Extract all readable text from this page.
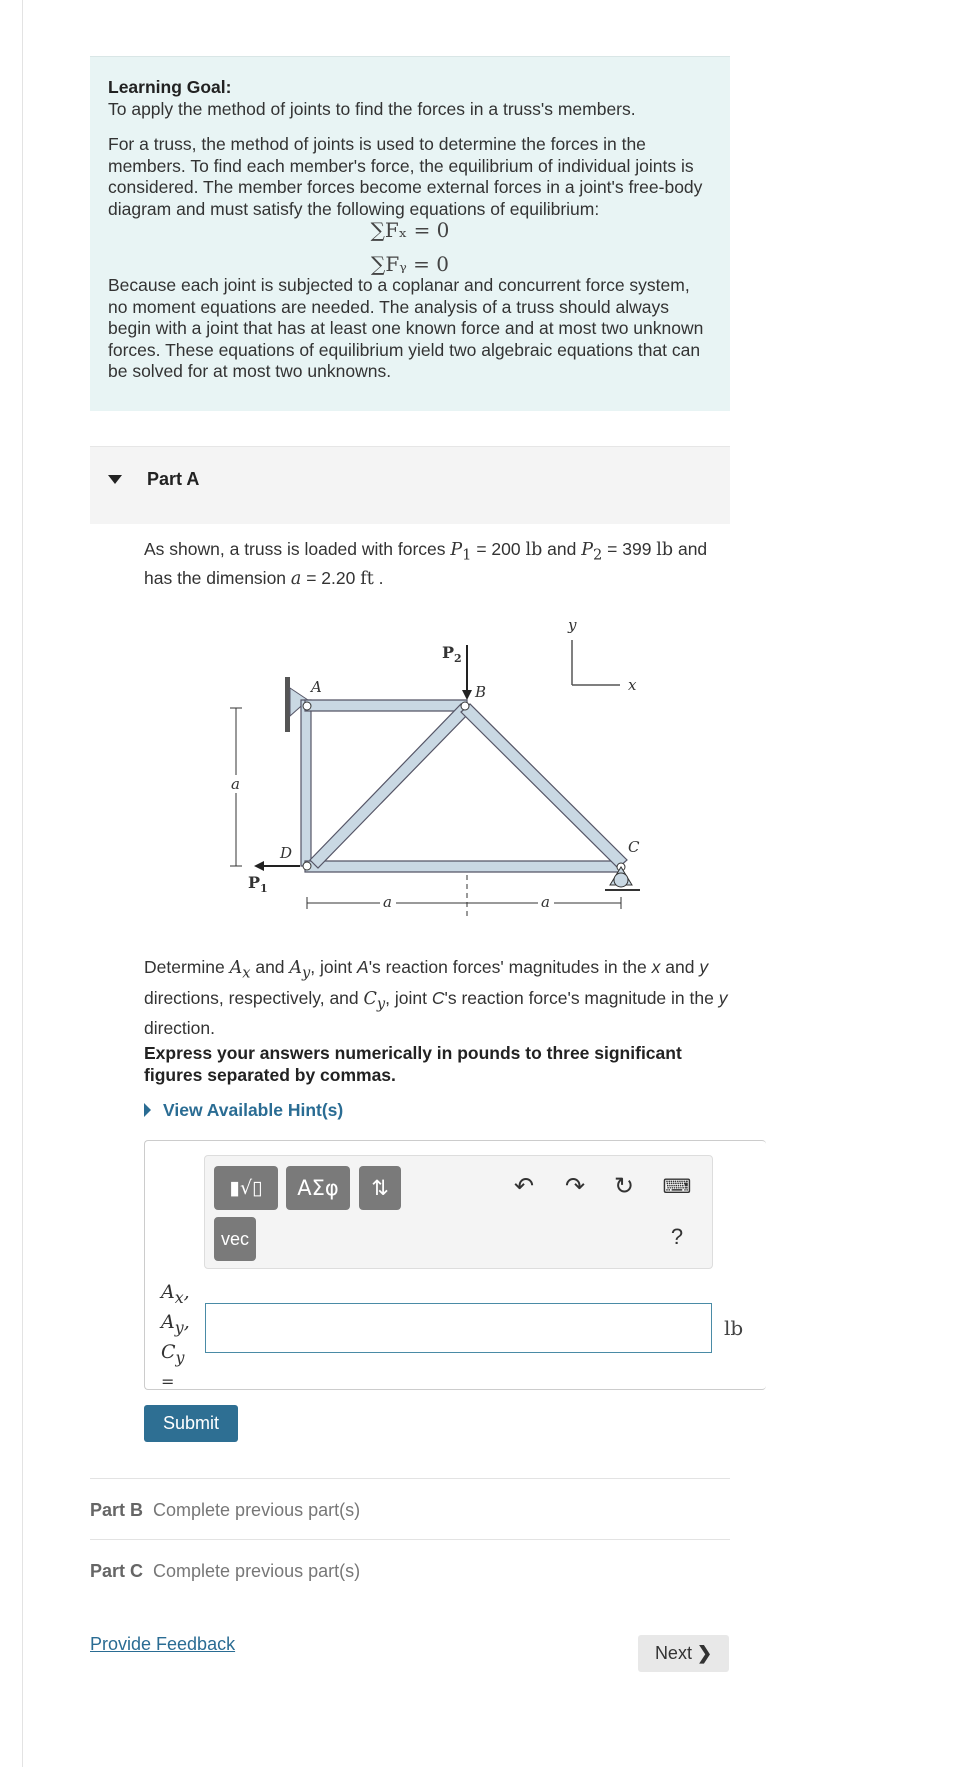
Learning Goal:

To apply the method of joints to find the forces in a truss's members.

For a truss, the method of joints is used to determine the forces in the members. To find each member's force, the equilibrium of individual joints is considered. The member forces become external forces in a joint's free-body diagram and must satisfy the following equations of equilibrium:

∑Fₓ = 0
∑Fᵧ = 0

Because each joint is subjected to a coplanar and concurrent force system, no moment equations are needed. The analysis of a truss should always begin with a joint that has at least one known force and at most two unknown forces. These equations of equilibrium yield two algebraic equations that can be solved for at most two unknowns.

Part A
As shown, a truss is loaded with forces $P_1 = 200$ lb and $P_2 = 399$ lb and has the dimension a = 2.20 ft .
y
x
$P_2$
$P_1$
A	B
C
D
a
a	a
Determine $A_x$ and $A_y$, joint A's reaction forces' magnitudes in the x and y directions, respectively, and $C_y$, joint C's reaction force's magnitude in the y direction.
Express your answers numerically in pounds to three significant figures separated by commas.
View Available Hint(s)
▮√▯	ΑΣφ	⇅
vec
↶ ↷ ↻	⌨
?
$A_x$,
$A_y$,
$C_y$
=
lb
Submit
Part B Complete previous part(s)
Part C Complete previous part(s)
Provide Feedback	Next ❯
